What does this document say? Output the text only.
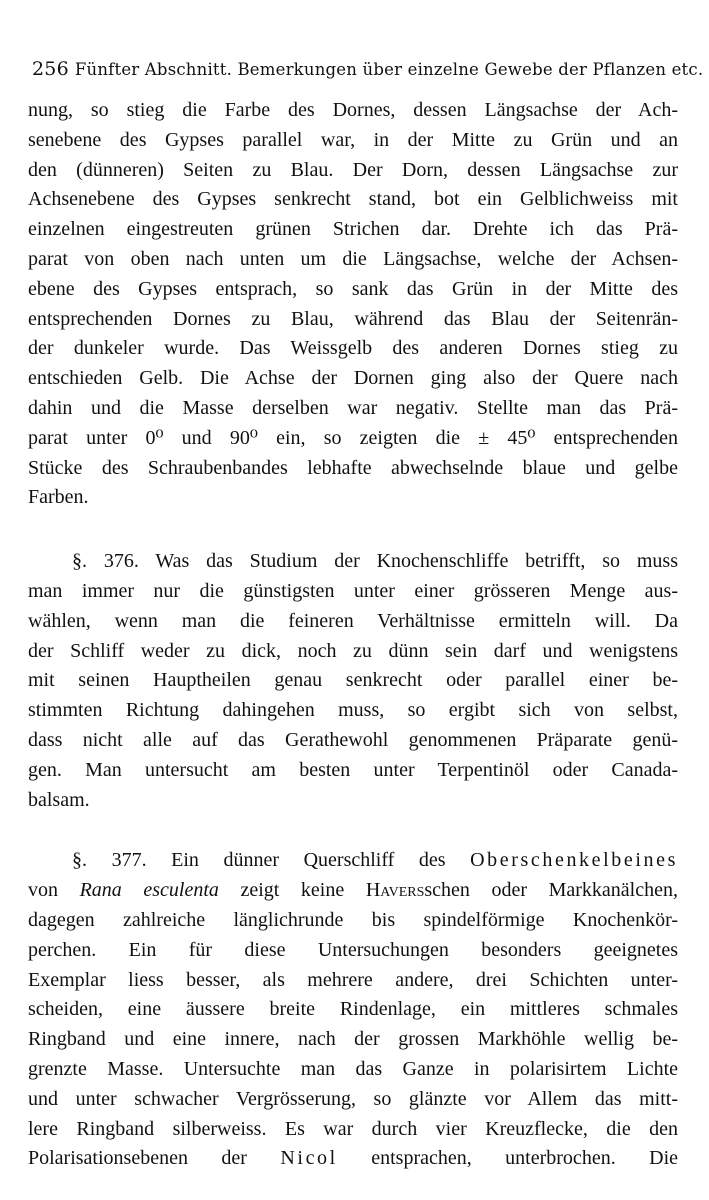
256 Fünfter Abschnitt. Bemerkungen über einzelne Gewebe der Pflanzen etc.
nung, so stieg die Farbe des Dornes, dessen Längsachse der Ach-
senebene des Gypses parallel war, in der Mitte zu Grün und an
den (dünneren) Seiten zu Blau. Der Dorn, dessen Längsachse zur
Achsenebene des Gypses senkrecht stand, bot ein Gelblichweiss mit
einzelnen eingestreuten grünen Strichen dar. Drehte ich das Prä-
parat von oben nach unten um die Längsachse, welche der Achsen-
ebene des Gypses entsprach, so sank das Grün in der Mitte des
entsprechenden Dornes zu Blau, während das Blau der Seitenrän-
der dunkeler wurde. Das Weissgelb des anderen Dornes stieg zu
entschieden Gelb. Die Achse der Dornen ging also der Quere nach
dahin und die Masse derselben war negativ. Stellte man das Prä-
parat unter 0⁰ und 90⁰ ein, so zeigten die ± 45⁰ entsprechenden
Stücke des Schraubenbandes lebhafte abwechselnde blaue und gelbe
Farben.
§. 376. Was das Studium der Knochenschliffe betrifft, so muss
man immer nur die günstigsten unter einer grösseren Menge aus-
wählen, wenn man die feineren Verhältnisse ermitteln will. Da
der Schliff weder zu dick, noch zu dünn sein darf und wenigstens
mit seinen Hauptheilen genau senkrecht oder parallel einer be-
stimmten Richtung dahingehen muss, so ergibt sich von selbst,
dass nicht alle auf das Gerathewohl genommenen Präparate genü-
gen. Man untersucht am besten unter Terpentinöl oder Canada-
balsam.
§. 377. Ein dünner Querschliff des Oberschenkelbeines
von Rana esculenta zeigt keine Haversschen oder Markkanälchen,
dagegen zahlreiche länglichrunde bis spindelförmige Knochenkör-
perchen. Ein für diese Untersuchungen besonders geeignetes
Exemplar liess besser, als mehrere andere, drei Schichten unter-
scheiden, eine äussere breite Rindenlage, ein mittleres schmales
Ringband und eine innere, nach der grossen Markhöhle wellig be-
grenzte Masse. Untersuchte man das Ganze in polarisirtem Lichte
und unter schwacher Vergrösserung, so glänzte vor Allem das mitt-
lere Ringband silberweiss. Es war durch vier Kreuzflecke, die den
Polarisationsebenen der Nicol entsprachen, unterbrochen. Die
